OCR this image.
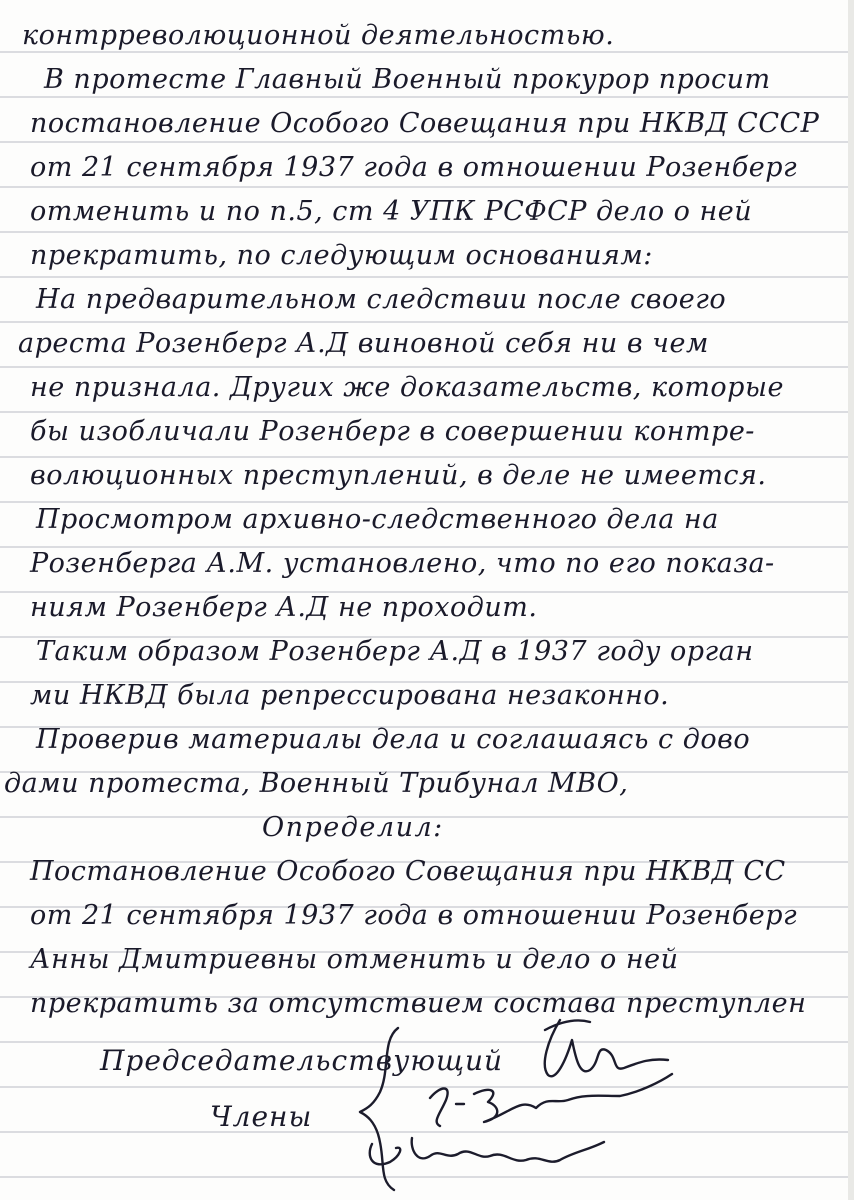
контрреволюционной деятельностью.
В протесте Главный Военный прокурор просит
постановление Особого Совещания при НКВД СССР
от 21 сентября 1937 года в отношении Розенберг
отменить и по п.5, ст 4 УПК РСФСР дело о ней
прекратить, по следующим основаниям:
На предварительном следствии после своего
ареста Розенберг А.Д виновной себя ни в чем
не признала. Других же доказательств, которые
бы изобличали Розенберг в совершении контре-
волюционных преступлений, в деле не имеется.
Просмотром архивно-следственного дела на
Розенберга А.М. установлено, что по его показа-
ниям Розенберг А.Д не проходит.
Таким образом Розенберг А.Д в 1937 году орган
ми НКВД была репрессирована незаконно.
Проверив материалы дела и соглашаясь с дово
дами протеста, Военный Трибунал МВО,
Определил:
Постановление Особого Совещания при НКВД СС
от 21 сентября 1937 года в отношении Розенберг
Анны Дмитриевны отменить и дело о ней
прекратить за отсутствием состава преступлен
Председательствующий
Члены
